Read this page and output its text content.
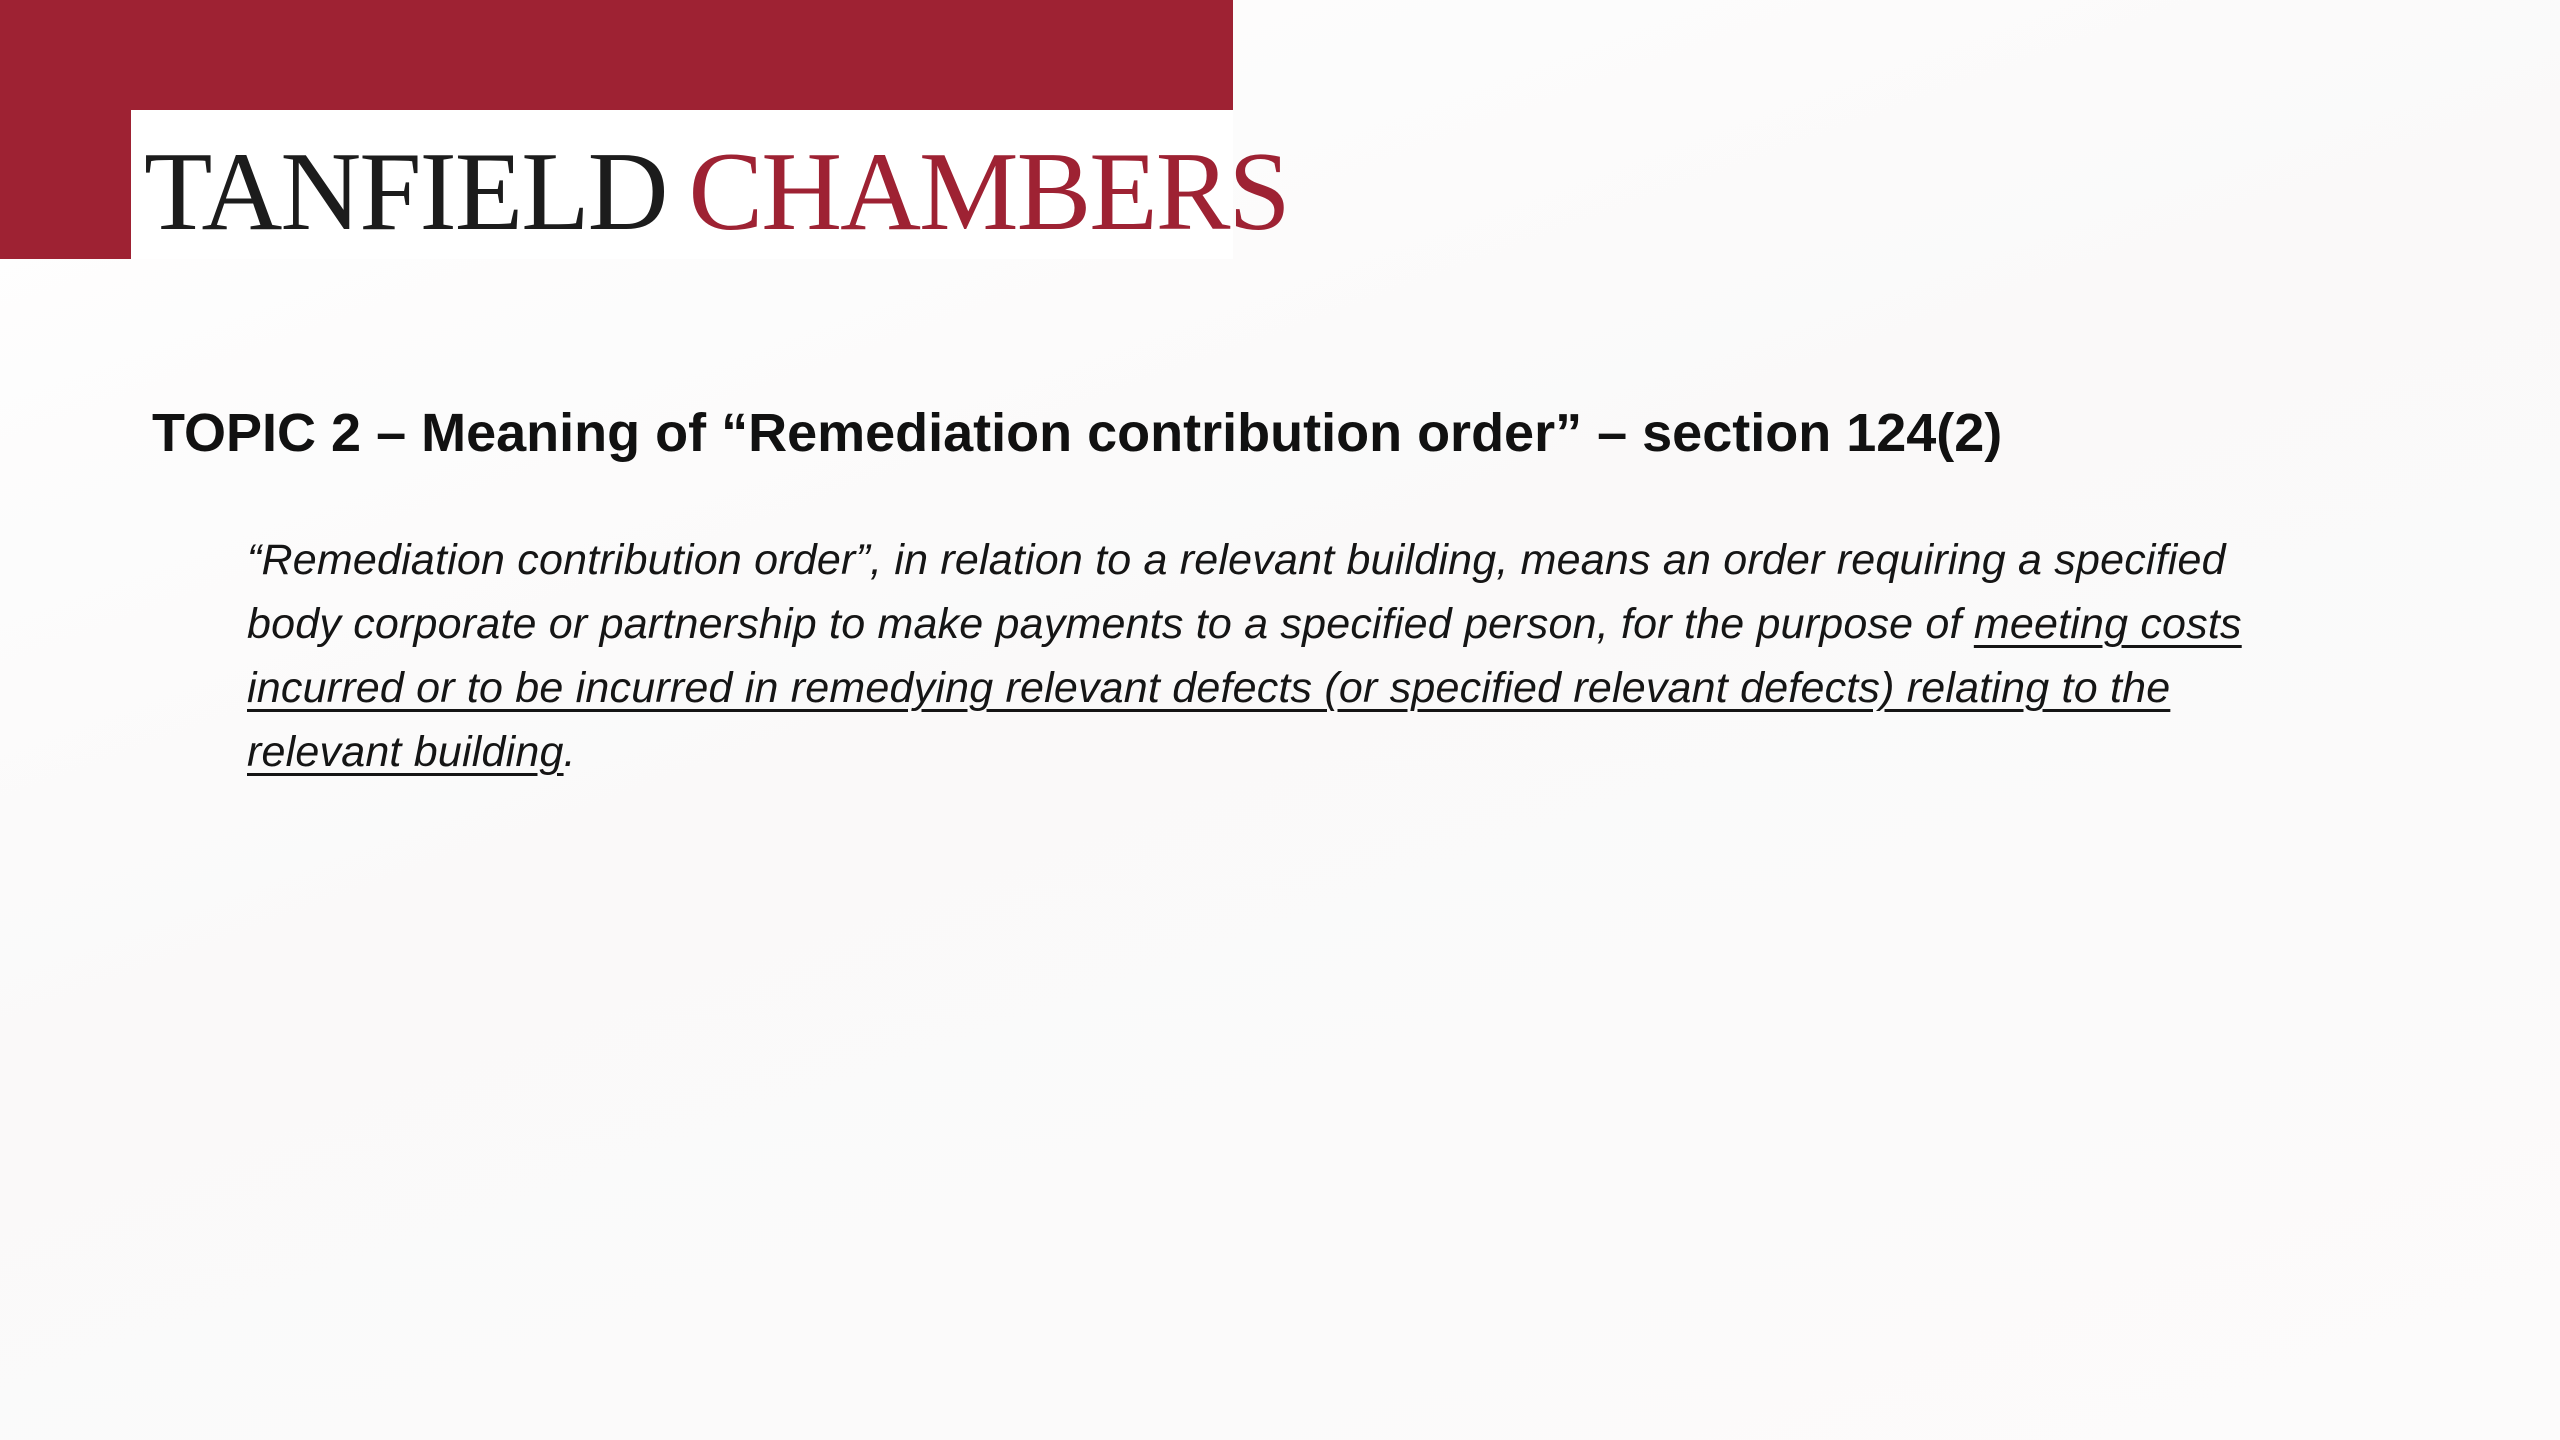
TANFIELD CHAMBERS
TOPIC 2 – Meaning of “Remediation contribution order” – section 124(2)
“Remediation contribution order”, in relation to a relevant building, means an order requiring a specified body corporate or partnership to make payments to a specified person, for the purpose of meeting costs incurred or to be incurred in remedying relevant defects (or specified relevant defects) relating to the relevant building.
